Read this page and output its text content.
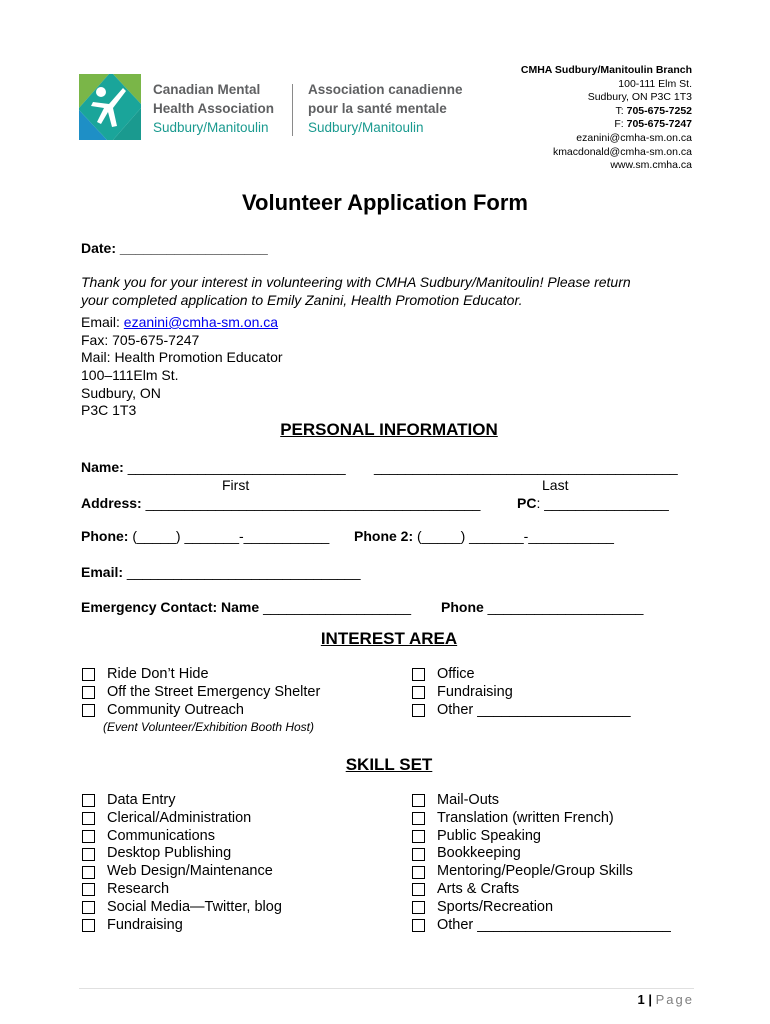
Canadian Mental
Health Association
Sudbury/Manitoulin
Association canadienne
pour la santé mentale
Sudbury/Manitoulin
CMHA Sudbury/Manitoulin Branch
100-111 Elm St.
Sudbury, ON P3C 1T3
T: 705-675-7252
F: 705-675-7247
ezanini@cmha-sm.on.ca
kmacdonald@cmha-sm.on.ca
www.sm.cmha.ca
Volunteer Application Form
Date: ___________________
Thank you for your interest in volunteering with CMHA Sudbury/Manitoulin! Please return
your completed application to Emily Zanini, Health Promotion Educator.
Email: ezanini@cmha-sm.on.ca
Fax: 705-675-7247
Mail: Health Promotion Educator
100–111Elm St.
Sudbury, ON
P3C 1T3
PERSONAL INFORMATION
Name: ____________________________ _______________________________________
First	Last
Address: ___________________________________________	PC: ________________
Phone: (_____) _______-___________ Phone 2: (_____) _______-___________
Email: ______________________________
Emergency Contact: Name ___________________ Phone ____________________
INTEREST AREA
Ride Don’t Hide
Off the Street Emergency Shelter
Community Outreach
Office
Fundraising
Other ___________________
(Event Volunteer/Exhibition Booth Host)
SKILL SET
Data Entry
Clerical/Administration
Communications
Desktop Publishing
Web Design/Maintenance
Research
Social Media—Twitter, blog
Fundraising
Mail-Outs
Translation (written French)
Public Speaking
Bookkeeping
Mentoring/People/Group Skills
Arts & Crafts
Sports/Recreation
Other ________________________
1 | Page
